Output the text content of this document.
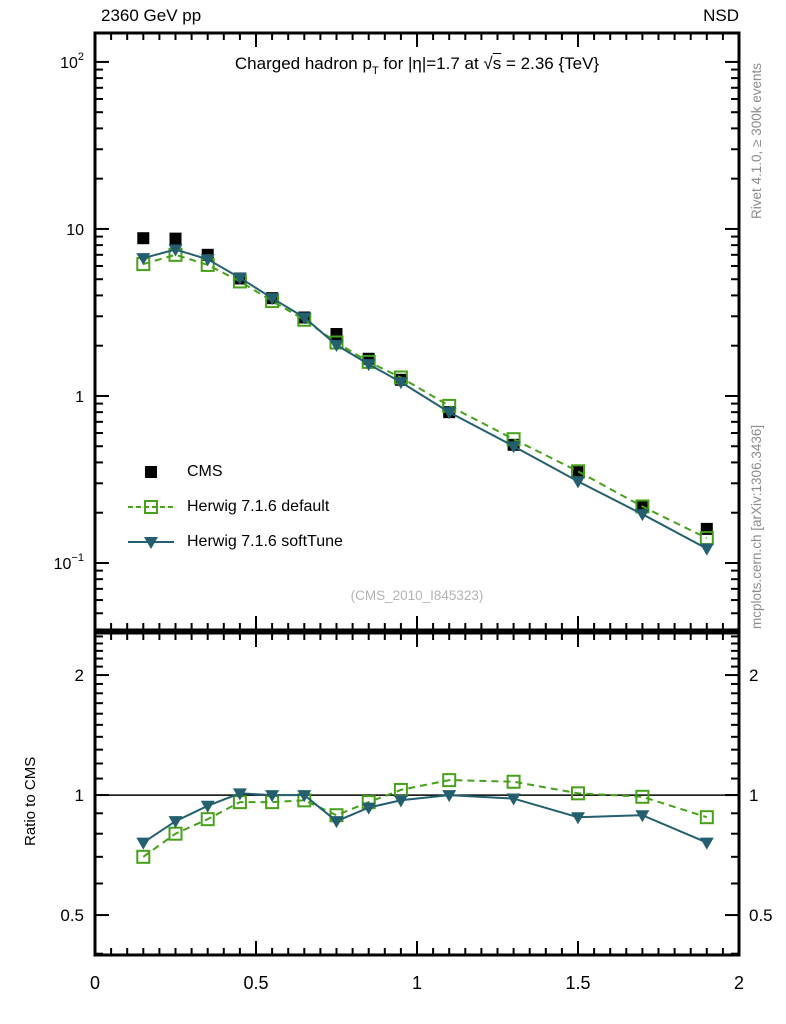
$10^2$
10
1
$10^{-1}$
0	0.5	1	1.5	2
2	2
1	1
0.5	0.5
2360 GeV pp	NSD
Charged hadron $p_T$ for |η|=1.7 at √s = 2.36 {TeV}
CMS
Herwig 7.1.6 default
Herwig 7.1.6 softTune
(CMS_2010_I845323)
Rivet 4.1.0, ≥ 300k events
mcplots.cern.ch [arXiv:1306.3436]
Ratio to CMS
